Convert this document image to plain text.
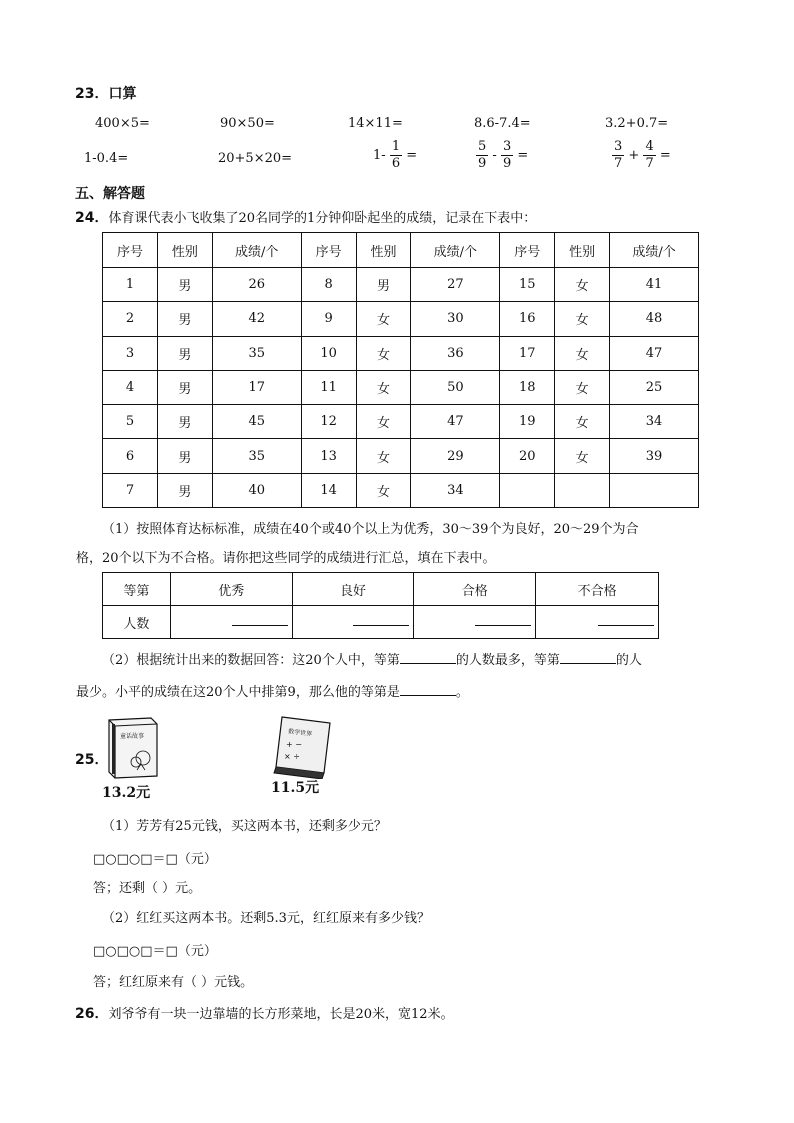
23．口算
400×5=	90×50=	14×11=	8.6-7.4=	3.2+0.7=
1-0.4=	20+5×20=	$1- \frac{1}{6}$ =	$\frac{5}{9} - \frac{3}{9}$ =	$\frac{3}{7} + \frac{4}{7}$ =
五、解答题
24．体育课代表小飞收集了20名同学的1分钟仰卧起坐的成绩，记录在下表中：
序号	性别	成绩/个	序号	性别	成绩/个	序号	性别	成绩/个
1	男	26	8	男	27	15	女	41
2	男	42	9	女	30	16	女	48
3	男	35	10	女	36	17	女	47
4	男	17	11	女	50	18	女	25
5	男	45	12	女	47	19	女	34
6	男	35	13	女	29	20	女	39
7	男	40	14	女	34			
（1）按照体育达标标准，成绩在40个或40个以上为优秀，30～39个为良好，20～29个为合
格，20个以下为不合格。请你把这些同学的成绩进行汇总，填在下表中。
等第	优秀	良好	合格	不合格
人数				
（2）根据统计出来的数据回答：这20个人中，等第	的人数最多，等第	的人
最少。小平的成绩在这20个人中排第9，那么他的等第是	。
25．
童话故事
13.2元
数学世界
+ −
× ÷
11.5元
（1）芳芳有25元钱，买这两本书，还剩多少元？
□○□○□＝□（元）
答；还剩（ ）元。
（2）红红买这两本书。还剩5.3元，红红原来有多少钱？
□○□○□＝□（元）
答；红红原来有（ ）元钱。
26．刘爷爷有一块一边靠墙的长方形菜地，长是20米，宽12米。
